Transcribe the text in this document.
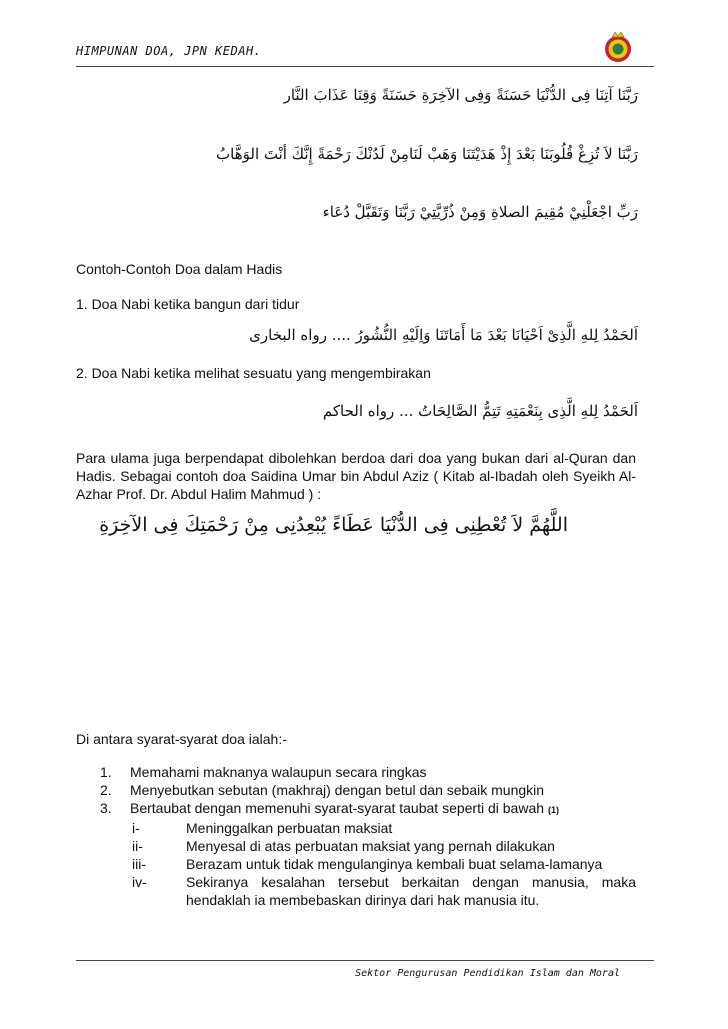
HIMPUNAN DOA, JPN KEDAH.
رَبَّنَا آتِنَا فِى الدُّنْيَا حَسَنَةً وَفِى الآخِرَةِ حَسَنَةً وَقِنَا عَذَابَ النَّار
رَبَّنَا لاَ تُزِغْ قُلُوبَنَا بَعْدَ إِذْ هَدَيْتَنَا وَهَبْ لَنَامِنْ لَدُنْكَ رَحْمَةً إِنَّكَ أنْتَ الوَهَّابُ
رَبِّ اجْعَلْنِيْ مُقِيمَ الصلاةِ وَمِنْ ذُرِّيَّتِيْ رَبَّنَا وَتَقَبَّلْ دُعَاء
Contoh-Contoh Doa dalam Hadis
1. Doa Nabi ketika bangun dari tidur
اَلحَمْدُ لِلهِ الَّذِىْ اَحْيَانَا بَعْدَ مَا أَمَاتَنَا وَاِلَيْهِ النُّشُورُ .... رواه البخارى
2. Doa Nabi ketika melihat sesuatu yang mengembirakan
اَلحَمْدُ لِلهِ الَّذِى بِنَعْمَتِهِ تَتِمُّ الصَّالِحَاتُ ... رواه الحاكم
Para ulama juga berpendapat dibolehkan berdoa dari doa yang bukan dari al-Quran dan Hadis. Sebagai contoh doa Saidina Umar bin Abdul Aziz ( Kitab al-Ibadah oleh Syeikh Al-Azhar Prof. Dr. Abdul Halim Mahmud ) :
اللَّهُمَّ لاَ تُعْطِنِى فِى الدُّنْيَا عَطَاءً يُبْعِدُنِى مِنْ رَحْمَتِكَ فِى الآخِرَةِ
Di antara syarat-syarat doa ialah:-
1. Memahami maknanya walaupun secara ringkas
2. Menyebutkan sebutan (makhraj) dengan betul dan sebaik mungkin
3. Bertaubat dengan memenuhi syarat-syarat taubat seperti di bawah (1)
i-	Meninggalkan perbuatan maksiat
ii-	Menyesal di atas perbuatan maksiat yang pernah dilakukan
iii-	Berazam untuk tidak mengulanginya kembali buat selama-lamanya
iv-	Sekiranya kesalahan tersebut berkaitan dengan manusia, maka hendaklah ia membebaskan dirinya dari hak manusia itu.
Sektor Pengurusan Pendidikan Islam dan Moral
